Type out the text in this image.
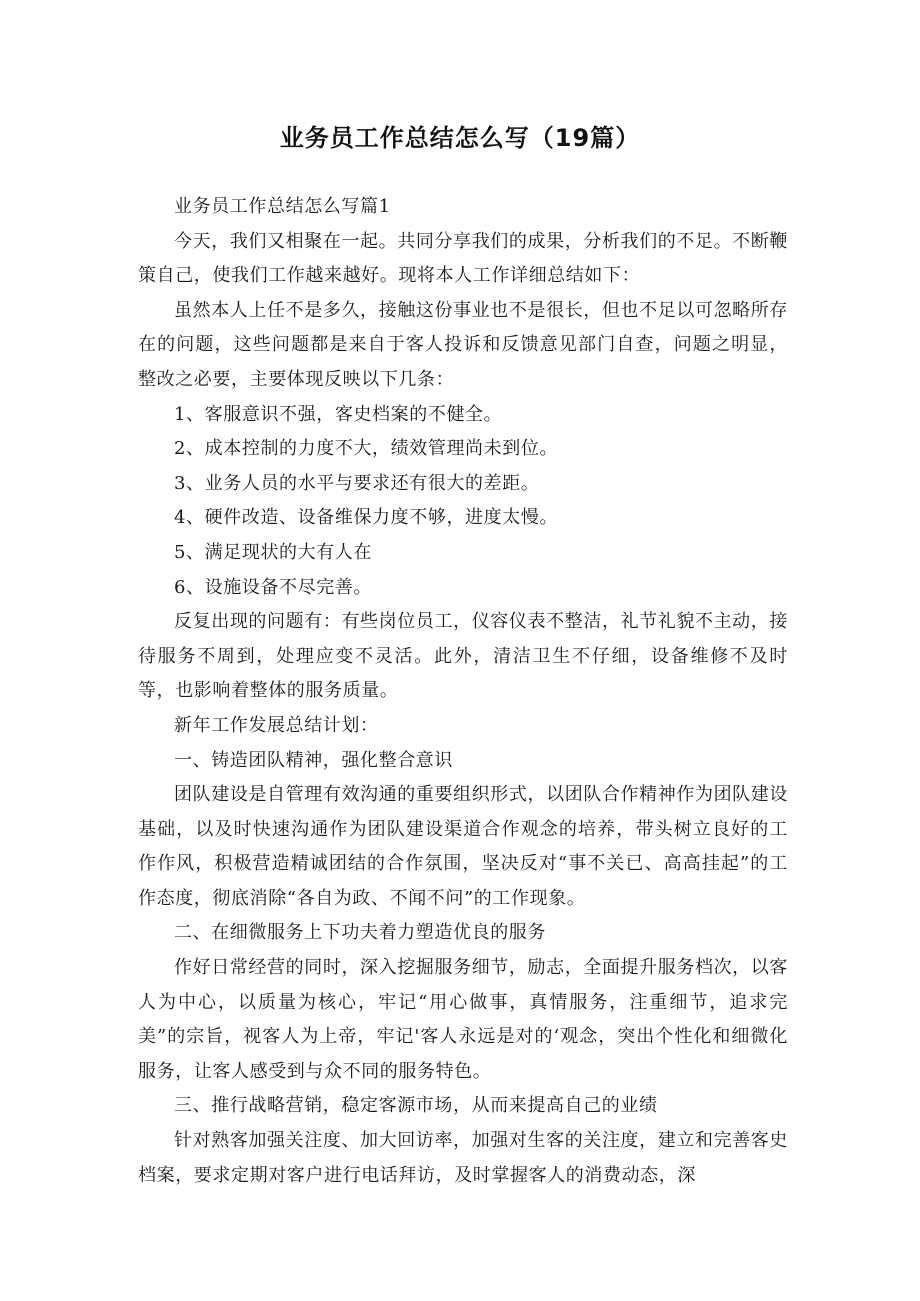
业务员工作总结怎么写（19篇）

业务员工作总结怎么写篇1

今天，我们又相聚在一起。共同分享我们的成果，分析我们的不足。不断鞭策自己，使我们工作越来越好。现将本人工作详细总结如下：

虽然本人上任不是多久，接触这份事业也不是很长，但也不足以可忽略所存在的问题，这些问题都是来自于客人投诉和反馈意见部门自查，问题之明显，整改之必要，主要体现反映以下几条：

1、客服意识不强，客史档案的不健全。

2、成本控制的力度不大，绩效管理尚未到位。

3、业务人员的水平与要求还有很大的差距。

4、硬件改造、设备维保力度不够，进度太慢。

5、满足现状的大有人在

6、设施设备不尽完善。

反复出现的问题有：有些岗位员工，仪容仪表不整洁，礼节礼貌不主动，接待服务不周到，处理应变不灵活。此外，清洁卫生不仔细，设备维修不及时等，也影响着整体的服务质量。

新年工作发展总结计划：

一、铸造团队精神，强化整合意识

团队建设是自管理有效沟通的重要组织形式，以团队合作精神作为团队建设基础，以及时快速沟通作为团队建设渠道合作观念的培养，带头树立良好的工作作风，积极营造精诚团结的合作氛围，坚决反对“事不关已、高高挂起”的工作态度，彻底消除“各自为政、不闻不问”的工作现象。

二、在细微服务上下功夫着力塑造优良的服务

作好日常经营的同时，深入挖掘服务细节，励志，全面提升服务档次，以客人为中心，以质量为核心，牢记“用心做事，真情服务，注重细节，追求完美”的宗旨，视客人为上帝，牢记'客人永远是对的‘观念，突出个性化和细微化服务，让客人感受到与众不同的服务特色。

三、推行战略营销，稳定客源市场，从而来提高自己的业绩

针对熟客加强关注度、加大回访率，加强对生客的关注度，建立和完善客史档案，要求定期对客户进行电话拜访，及时掌握客人的消费动态，深
